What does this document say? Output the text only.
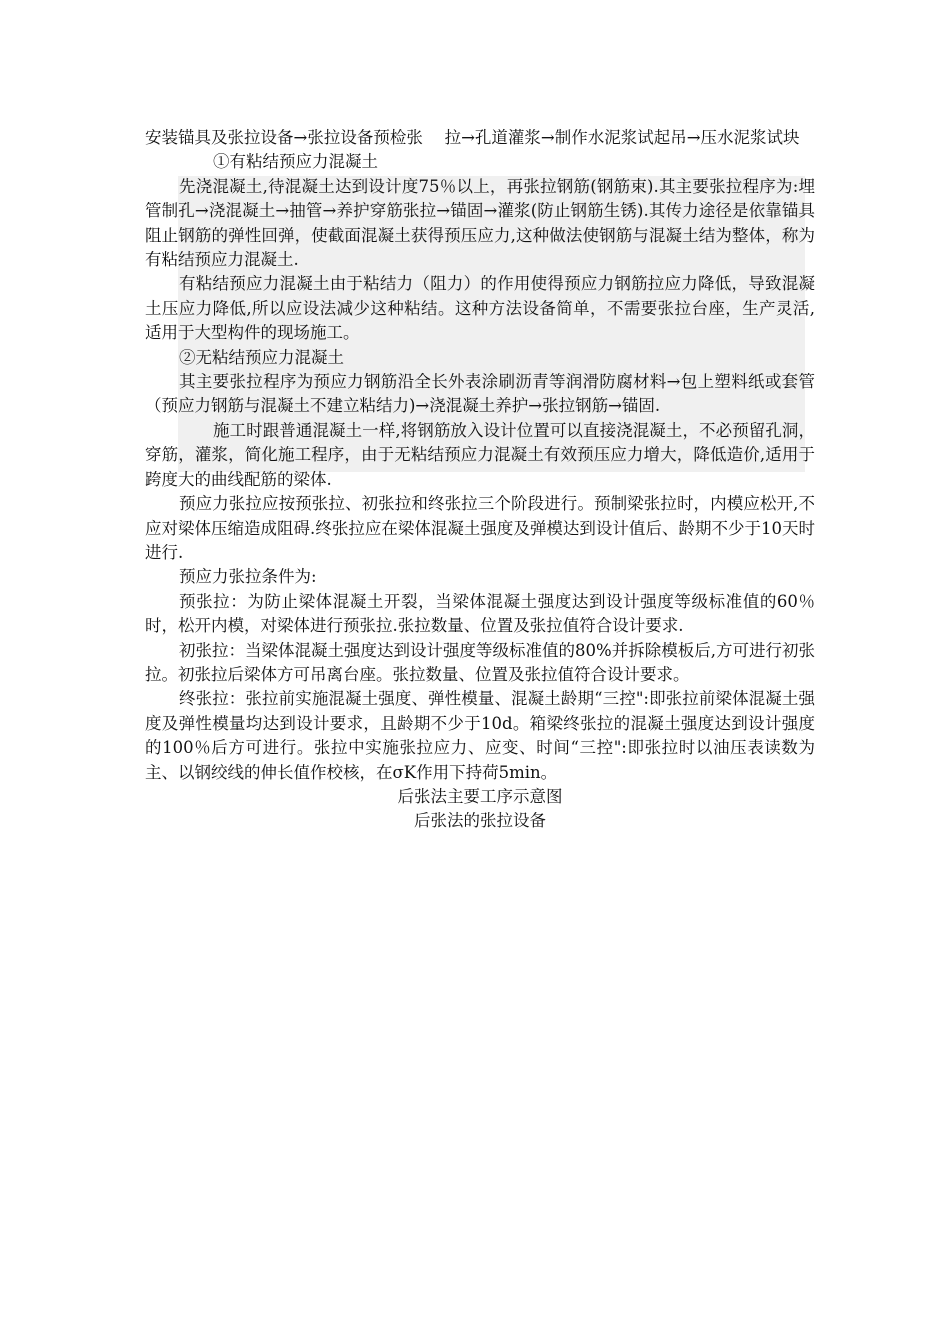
安装锚具及张拉设备→张拉设备预检张　 拉→孔道灌浆→制作水泥浆试起吊→压水泥浆试块

①有粘结预应力混凝土

先浇混凝土,待混凝土达到设计度75％以上，再张拉钢筋(钢筋束).其主要张拉程序为:埋管制孔→浇混凝土→抽管→养护穿筋张拉→锚固→灌浆(防止钢筋生锈).其传力途径是依靠锚具阻止钢筋的弹性回弹，使截面混凝土获得预压应力,这种做法使钢筋与混凝土结为整体，称为有粘结预应力混凝土.

有粘结预应力混凝土由于粘结力（阻力）的作用使得预应力钢筋拉应力降低，导致混凝土压应力降低,所以应设法减少这种粘结。这种方法设备简单，不需要张拉台座，生产灵活,适用于大型构件的现场施工。

②无粘结预应力混凝土

其主要张拉程序为预应力钢筋沿全长外表涂刷沥青等润滑防腐材料→包上塑料纸或套管（预应力钢筋与混凝土不建立粘结力)→浇混凝土养护→张拉钢筋→锚固.

施工时跟普通混凝土一样,将钢筋放入设计位置可以直接浇混凝土，不必预留孔洞，穿筋，灌浆，简化施工程序，由于无粘结预应力混凝土有效预压应力增大，降低造价,适用于跨度大的曲线配筋的梁体.

预应力张拉应按预张拉、初张拉和终张拉三个阶段进行。预制梁张拉时，内模应松开,不应对梁体压缩造成阻碍.终张拉应在梁体混凝土强度及弹模达到设计值后、龄期不少于10天时进行.

预应力张拉条件为:

预张拉：为防止梁体混凝土开裂，当梁体混凝土强度达到设计强度等级标准值的60％时，松开内模，对梁体进行预张拉.张拉数量、位置及张拉值符合设计要求.

初张拉：当梁体混凝土强度达到设计强度等级标准值的80%并拆除模板后,方可进行初张拉。初张拉后梁体方可吊离台座。张拉数量、位置及张拉值符合设计要求。

终张拉：张拉前实施混凝土强度、弹性模量、混凝土龄期“三控":即张拉前梁体混凝土强度及弹性模量均达到设计要求，且龄期不少于10d。箱梁终张拉的混凝土强度达到设计强度的100％后方可进行。张拉中实施张拉应力、应变、时间“三控":即张拉时以油压表读数为主、以钢绞线的伸长值作校核，在σK作用下持荷5min。

后张法主要工序示意图

后张法的张拉设备
